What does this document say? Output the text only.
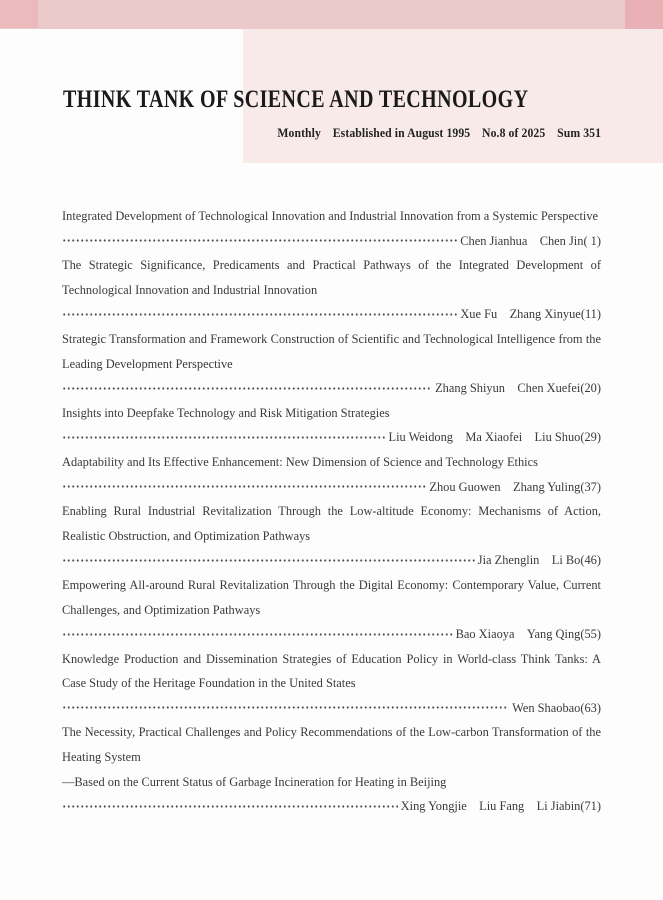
THINK TANK OF SCIENCE AND TECHNOLOGY
Monthly Established in August 1995 No.8 of 2025 Sum 351
Integrated Development of Technological Innovation and Industrial Innovation from a Systemic Perspective
Chen Jianhua  Chen Jin ( 1)
The Strategic Significance, Predicaments and Practical Pathways of the Integrated Development of Technological Innovation and Industrial Innovation
Xue Fu  Zhang Xinyue (11)
Strategic Transformation and Framework Construction of Scientific and Technological Intelligence from the Leading Development Perspective
Zhang Shiyun  Chen Xuefei (20)
Insights into Deepfake Technology and Risk Mitigation Strategies
Liu Weidong  Ma Xiaofei  Liu Shuo (29)
Adaptability and Its Effective Enhancement: New Dimension of Science and Technology Ethics
Zhou Guowen  Zhang Yuling (37)
Enabling Rural Industrial Revitalization Through the Low-altitude Economy: Mechanisms of Action, Realistic Obstruction, and Optimization Pathways
Jia Zhenglin  Li Bo (46)
Empowering All-around Rural Revitalization Through the Digital Economy: Contemporary Value, Current Challenges, and Optimization Pathways
Bao Xiaoya  Yang Qing (55)
Knowledge Production and Dissemination Strategies of Education Policy in World-class Think Tanks: A Case Study of the Heritage Foundation in the United States
Wen Shaobao (63)
The Necessity, Practical Challenges and Policy Recommendations of the Low-carbon Transformation of the Heating System
—Based on the Current Status of Garbage Incineration for Heating in Beijing
Xing Yongjie  Liu Fang  Li Jiabin (71)
